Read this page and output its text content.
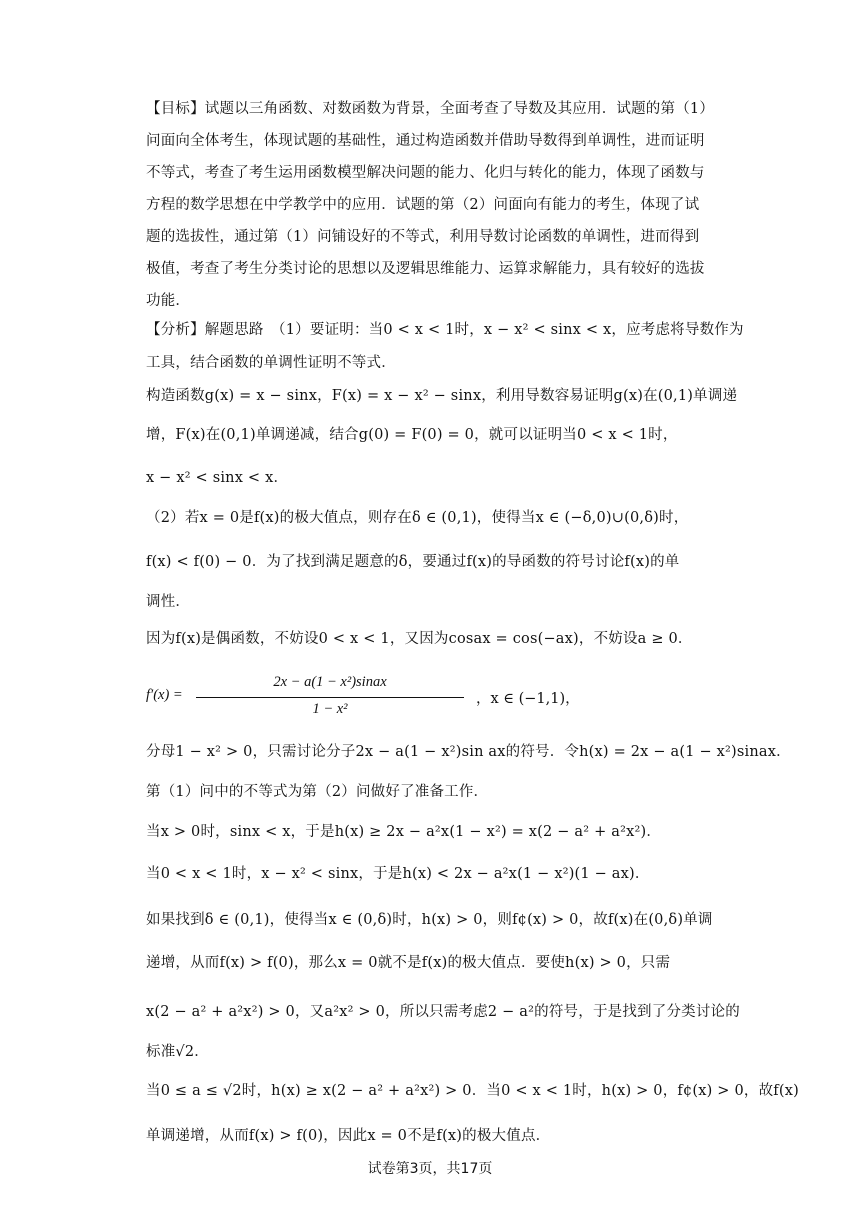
【目标】试题以三角函数、对数函数为背景，全面考查了导数及其应用．试题的第（1）
问面向全体考生，体现试题的基础性，通过构造函数并借助导数得到单调性，进而证明
不等式，考查了考生运用函数模型解决问题的能力、化归与转化的能力，体现了函数与
方程的数学思想在中学教学中的应用．试题的第（2）问面向有能力的考生，体现了试
题的选拔性，通过第（1）问铺设好的不等式，利用导数讨论函数的单调性，进而得到
极值，考查了考生分类讨论的思想以及逻辑思维能力、运算求解能力，具有较好的选拔
功能．
【分析】解题思路　（1）要证明：当0 < x < 1时，x − x² < sinx < x，应考虑将导数作为
工具，结合函数的单调性证明不等式．
构造函数g(x) = x − sinx，F(x) = x − x² − sinx，利用导数容易证明g(x)在(0,1)单调递
增，F(x)在(0,1)单调递减，结合g(0) = F(0) = 0，就可以证明当0 < x < 1时，
x − x² < sinx < x．
（2）若x = 0是f(x)的极大值点，则存在δ ∈ (0,1)，使得当x ∈ (−δ,0)∪(0,δ)时，
f(x) < f(0) − 0．为了找到满足题意的δ，要通过f(x)的导函数的符号讨论f(x)的单
调性．
因为f(x)是偶函数，不妨设0 < x < 1，又因为cosax = cos(−ax)，不妨设a ≥ 0．
f′(x) =
2x − a(1 − x²)sinax
1 − x²
，x ∈ (−1,1)，
分母1 − x² > 0，只需讨论分子2x − a(1 − x²)sin ax的符号．令h(x) = 2x − a(1 − x²)sinax．
第（1）问中的不等式为第（2）问做好了准备工作．
当x > 0时，sinx < x，于是h(x) ≥ 2x − a²x(1 − x²) = x(2 − a² + a²x²)．
当0 < x < 1时，x − x² < sinx，于是h(x) < 2x − a²x(1 − x²)(1 − ax)．
如果找到δ ∈ (0,1)，使得当x ∈ (0,δ)时，h(x) > 0，则f¢(x) > 0，故f(x)在(0,δ)单调
递增，从而f(x) > f(0)，那么x = 0就不是f(x)的极大值点．要使h(x) > 0，只需
x(2 − a² + a²x²) > 0，又a²x² > 0，所以只需考虑2 − a²的符号，于是找到了分类讨论的
标准√2．
当0 ≤ a ≤ √2时，h(x) ≥ x(2 − a² + a²x²) > 0．当0 < x < 1时，h(x) > 0，f¢(x) > 0，故f(x)
单调递增，从而f(x) > f(0)，因此x = 0不是f(x)的极大值点．
试卷第3页，共17页
